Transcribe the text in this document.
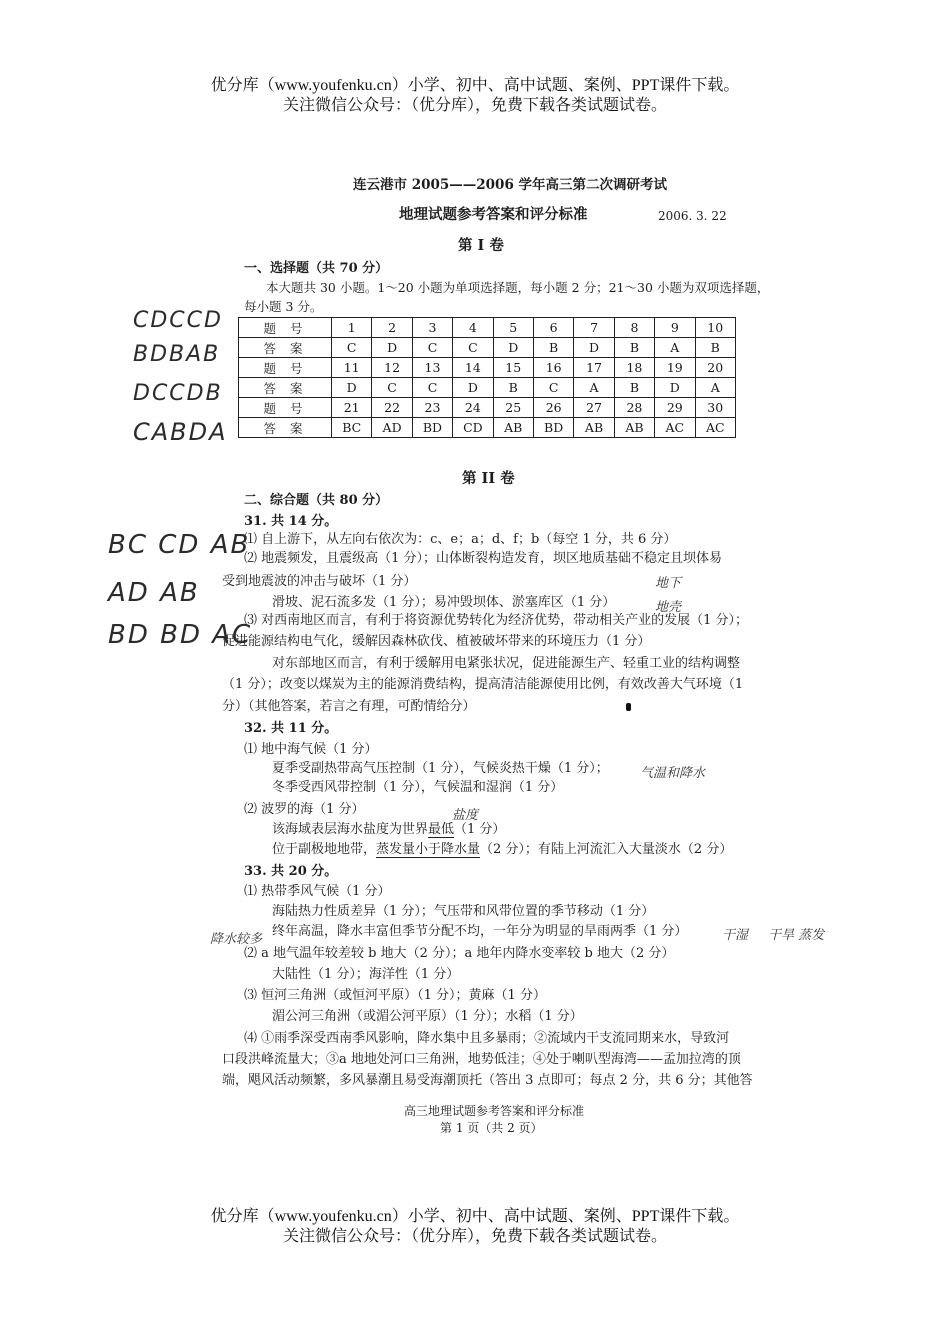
优分库（www.youfenku.cn）小学、初中、高中试题、案例、PPT课件下载。
关注微信公众号：（优分库），免费下载各类试题试卷。
连云港市 2005——2006 学年高三第二次调研考试
地理试题参考答案和评分标准	2006. 3. 22
第 I 卷
一、选择题（共 70 分）
本大题共 30 小题。1～20 小题为单项选择题，每小题 2 分；21～30 小题为双项选择题，
每小题 3 分。
题号	1	2	3	4	5	6	7	8	9	10
答案	C	D	C	C	D	B	D	B	A	B
题号	11	12	13	14	15	16	17	18	19	20
答案	D	C	C	D	B	C	A	B	D	A
题号	21	22	23	24	25	26	27	28	29	30
答案	BC	AD	BD	CD	AB	BD	AB	AB	AC	AC
CDCCD
BDBAB
DCCDB
CABDA
第 II 卷
二、综合题（共 80 分）
31. 共 14 分。
⑴ 自上游下，从左向右依次为：c、e；a；d、f；b（每空 1 分，共 6 分）
⑵ 地震频发，且震级高（1 分）；山体断裂构造发育，坝区地质基础不稳定且坝体易
受到地震波的冲击与破坏（1 分）
滑坡、泥石流多发（1 分）；易冲毁坝体、淤塞库区（1 分）
⑶ 对西南地区而言，有利于将资源优势转化为经济优势，带动相关产业的发展（1 分）；
促进能源结构电气化，缓解因森林砍伐、植被破坏带来的环境压力（1 分）
对东部地区而言，有利于缓解用电紧张状况，促进能源生产、轻重工业的结构调整
（1 分）；改变以煤炭为主的能源消费结构，提高清洁能源使用比例，有效改善大气环境（1
分）（其他答案，若言之有理，可酌情给分）
BC CD AB
AD AB
BD BD AC
地下
地壳
32. 共 11 分。
⑴ 地中海气候（1 分）
夏季受副热带高气压控制（1 分），气候炎热干燥（1 分）；
冬季受西风带控制（1 分），气候温和湿润（1 分）
⑵ 波罗的海（1 分）
该海域表层海水盐度为世界最低（1 分）
位于副极地地带，蒸发量小于降水量（2 分）；有陆上河流汇入大量淡水（2 分）
气温和降水
盐度
33. 共 20 分。
⑴ 热带季风气候（1 分）
海陆热力性质差异（1 分）；气压带和风带位置的季节移动（1 分）
终年高温，降水丰富但季节分配不均，一年分为明显的旱雨两季（1 分）
⑵ a 地气温年较差较 b 地大（2 分）；a 地年内降水变率较 b 地大（2 分）
大陆性（1 分）；海洋性（1 分）
⑶ 恒河三角洲（或恒河平原）（1 分）；黄麻（1 分）
湄公河三角洲（或湄公河平原）（1 分）；水稻（1 分）
⑷ ①雨季深受西南季风影响，降水集中且多暴雨；②流域内干支流同期来水，导致河
口段洪峰流量大；③a 地地处河口三角洲，地势低洼；④处于喇叭型海湾——孟加拉湾的顶
端，飓风活动频繁，多风暴潮且易受海潮顶托（答出 3 点即可；每点 2 分，共 6 分；其他答
干湿
降水较多	干旱 蒸发
高三地理试题参考答案和评分标准
第 1 页（共 2 页）
优分库（www.youfenku.cn）小学、初中、高中试题、案例、PPT课件下载。
关注微信公众号：（优分库），免费下载各类试题试卷。
